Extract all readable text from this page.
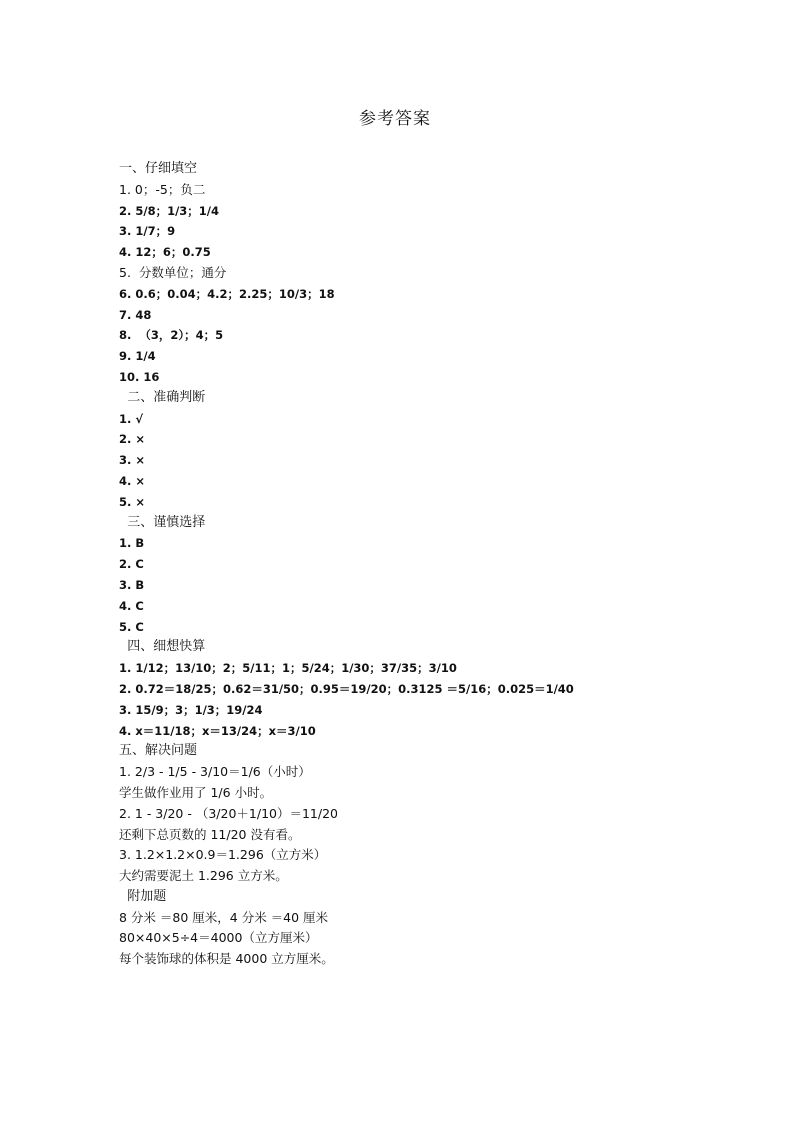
参考答案
一、仔细填空
1. 0；-5；负二
2. 5/8；1/3；1/4
3. 1/7；9
4. 12；6；0.75
5.  分数单位；通分
6. 0.6；0.04；4.2；2.25；10/3；18
7. 48
8.  （3，2）；4；5
9. 1/4
10. 16
二、准确判断
1. √
2. ×
3. ×
4. ×
5. ×
三、谨慎选择
1. B
2. C
3. B
4. C
5. C
四、细想快算
1. 1/12；13/10；2；5/11；1；5/24；1/30；37/35；3/10
2. 0.72＝18/25；0.62＝31/50；0.95＝19/20；0.3125 ＝5/16；0.025＝1/40
3. 15/9；3；1/3；19/24
4. x＝11/18；x＝13/24；x＝3/10
五、解决问题
1. 2/3 - 1/5 - 3/10＝1/6（小时）
学生做作业用了 1/6 小时。
2. 1 - 3/20 - （3/20＋1/10）＝11/20
还剩下总页数的 11/20 没有看。
3. 1.2×1.2×0.9＝1.296（立方米）
大约需要泥土 1.296 立方米。
附加题
8 分米 ＝80 厘米，4 分米 ＝40 厘米
80×40×5÷4＝4000（立方厘米）
每个装饰球的体积是 4000 立方厘米。
